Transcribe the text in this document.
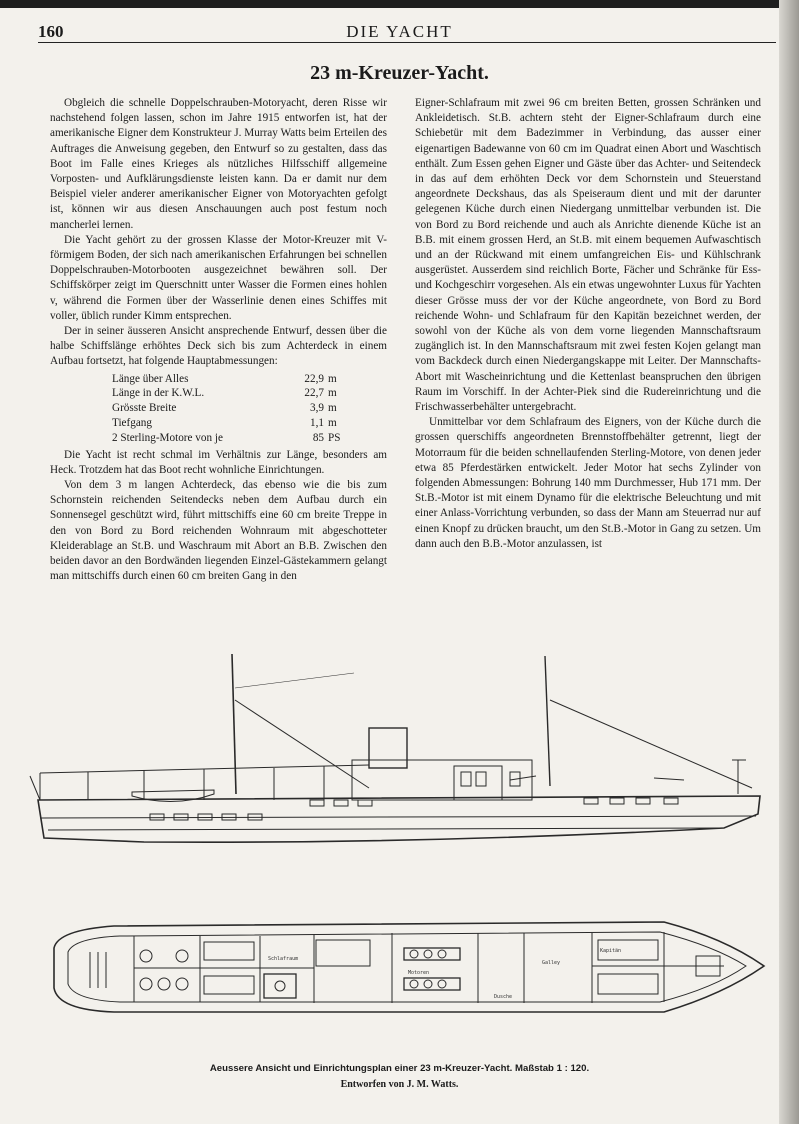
160	DIE YACHT
23 m-Kreuzer-Yacht.

Obgleich die schnelle Doppelschrauben-Motoryacht, deren Risse wir nachstehend folgen lassen, schon im Jahre 1915 entworfen ist, hat der amerikanische Eigner dem Konstrukteur J. Murray Watts beim Erteilen des Auftrages die Anweisung gegeben, den Entwurf so zu gestalten, dass das Boot im Falle eines Krieges als nützliches Hilfsschiff allgemeine Vorposten- und Aufklärungsdienste leisten kann. Da er damit nur dem Beispiel vieler anderer amerikanischer Eigner von Motoryachten gefolgt ist, können wir aus diesen Anschauungen auch post festum noch mancherlei lernen.

Die Yacht gehört zu der grossen Klasse der Motor-Kreuzer mit V-förmigem Boden, der sich nach amerikanischen Erfahrungen bei schnellen Doppelschrauben-Motorbooten ausgezeichnet bewähren soll. Der Schiffskörper zeigt im Querschnitt unter Wasser die Formen eines hohlen v, während die Formen über der Wasserlinie denen eines Schiffes mit voller, üblich runder Kimm entsprechen.

Der in seiner äusseren Ansicht ansprechende Entwurf, dessen über die halbe Schiffslänge erhöhtes Deck sich bis zum Achterdeck in einem Aufbau fortsetzt, hat folgende Hauptabmessungen:

Länge über Alles	22,9	m
Länge in der K.W.L.	22,7	m
Grösste Breite	3,9	m
Tiefgang	1,1	m
2 Sterling-Motore von je	85	PS

Die Yacht ist recht schmal im Verhältnis zur Länge, besonders am Heck. Trotzdem hat das Boot recht wohnliche Einrichtungen.

Von dem 3 m langen Achterdeck, das ebenso wie die bis zum Schornstein reichenden Seitendecks neben dem Aufbau durch ein Sonnensegel geschützt wird, führt mittschiffs eine 60 cm breite Treppe in den von Bord zu Bord reichenden Wohnraum mit abgeschotteter Kleiderablage an St.B. und Waschraum mit Abort an B.B. Zwischen den beiden davor an den Bordwänden liegenden Einzel-Gästekammern gelangt man mittschiffs durch einen 60 cm breiten Gang in den

Eigner-Schlafraum mit zwei 96 cm breiten Betten, grossen Schränken und Ankleidetisch. St.B. achtern steht der Eigner-Schlafraum durch eine Schiebetür mit dem Badezimmer in Verbindung, das ausser einer eigenartigen Badewanne von 60 cm im Quadrat einen Abort und Waschtisch enthält. Zum Essen gehen Eigner und Gäste über das Achter- und Seitendeck in das auf dem erhöhten Deck vor dem Schornstein und Steuerstand angeordnete Deckshaus, das als Speiseraum dient und mit der darunter gelegenen Küche durch einen Niedergang unmittelbar verbunden ist. Die von Bord zu Bord reichende und auch als Anrichte dienende Küche ist an B.B. mit einem grossen Herd, an St.B. mit einem bequemen Aufwaschtisch und an der Rückwand mit einem umfangreichen Eis- und Kühlschrank ausgerüstet. Ausserdem sind reichlich Borte, Fächer und Schränke für Ess- und Kochgeschirr vorgesehen. Als ein etwas ungewohnter Luxus für Yachten dieser Grösse muss der vor der Küche angeordnete, von Bord zu Bord reichende Wohn- und Schlafraum für den Kapitän bezeichnet werden, der sowohl von der Küche als von dem vorne liegenden Mannschaftsraum zugänglich ist. In den Mannschaftsraum mit zwei festen Kojen gelangt man vom Backdeck durch einen Niedergangskappe mit Leiter. Der Mannschafts-Abort mit Wascheinrichtung und die Kettenlast beanspruchen den übrigen Raum im Vorschiff. In der Achter-Piek sind die Rudereinrichtung und die Frischwasserbehälter untergebracht.

Unmittelbar vor dem Schlafraum des Eigners, von der Küche durch die grossen querschiffs angeordneten Brennstoffbehälter getrennt, liegt der Motorraum für die beiden schnellaufenden Sterling-Motore, von denen jeder etwa 85 Pferdestärken entwickelt. Jeder Motor hat sechs Zylinder von folgenden Abmessungen: Bohrung 140 mm Durchmesser, Hub 171 mm. Der St.B.-Motor ist mit einem Dynamo für die elektrische Beleuchtung und mit einer Anlass-Vorrichtung verbunden, so dass der Mann am Steuerrad nur auf einen Knopf zu drücken braucht, um den St.B.-Motor in Gang zu setzen. Um dann auch den B.B.-Motor anzulassen, ist

Schlafraum
Kapitän
Galley
Dusche
Motoren
Aeussere Ansicht und Einrichtungsplan einer 23 m-Kreuzer-Yacht. Maßstab 1 : 120.
Entworfen von J. M. Watts.
